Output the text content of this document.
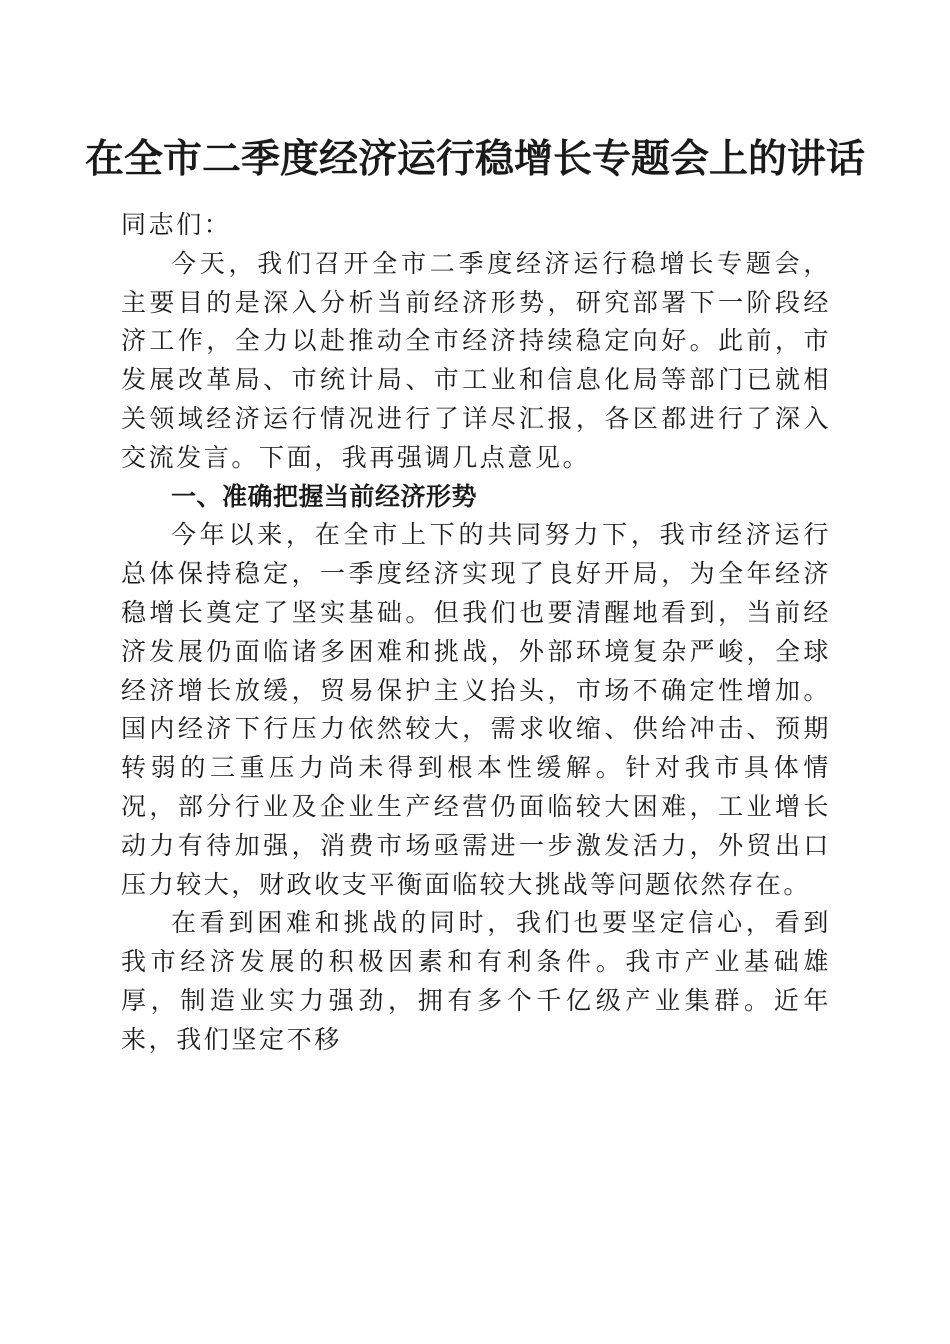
在全市二季度经济运行稳增长专题会上的讲话

同志们：

今天，我们召开全市二季度经济运行稳增长专题会，主要目的是深入分析当前经济形势，研究部署下一阶段经济工作，全力以赴推动全市经济持续稳定向好。此前，市发展改革局、市统计局、市工业和信息化局等部门已就相关领域经济运行情况进行了详尽汇报，各区都进行了深入交流发言。下面，我再强调几点意见。

一、准确把握当前经济形势

今年以来，在全市上下的共同努力下，我市经济运行总体保持稳定，一季度经济实现了良好开局，为全年经济稳增长奠定了坚实基础。但我们也要清醒地看到，当前经济发展仍面临诸多困难和挑战，外部环境复杂严峻，全球经济增长放缓，贸易保护主义抬头，市场不确定性增加。国内经济下行压力依然较大，需求收缩、供给冲击、预期转弱的三重压力尚未得到根本性缓解。针对我市具体情况，部分行业及企业生产经营仍面临较大困难，工业增长动力有待加强，消费市场亟需进一步激发活力，外贸出口压力较大，财政收支平衡面临较大挑战等问题依然存在。

在看到困难和挑战的同时，我们也要坚定信心，看到我市经济发展的积极因素和有利条件。我市产业基础雄厚，制造业实力强劲，拥有多个千亿级产业集群。近年来，我们坚定不移
